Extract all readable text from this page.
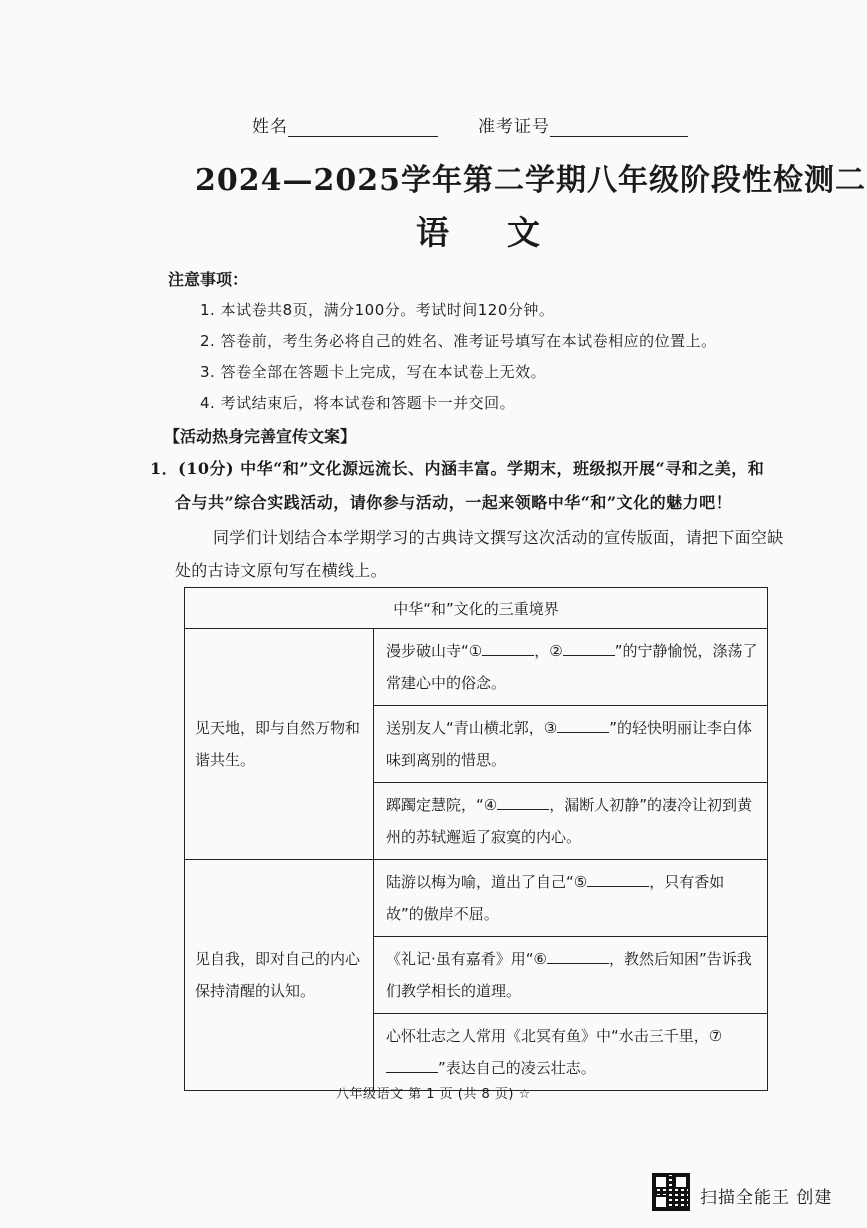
姓名	准考证号
2024—2025学年第二学期八年级阶段性检测二
语文
注意事项：
1. 本试卷共8页，满分100分。考试时间120分钟。
2. 答卷前，考生务必将自己的姓名、准考证号填写在本试卷相应的位置上。
3. 答卷全部在答题卡上完成，写在本试卷上无效。
4. 考试结束后，将本试卷和答题卡一并交回。
【活动热身完善宣传文案】
1．(10分) 中华“和”文化源远流长、内涵丰富。学期末，班级拟开展“寻和之美，和
合与共”综合实践活动，请你参与活动，一起来领略中华“和”文化的魅力吧！
同学们计划结合本学期学习的古典诗文撰写这次活动的宣传版面，请把下面空缺
处的古诗文原句写在横线上。
中华“和”文化的三重境界	
见天地，即与自然万物和谐共生。	漫步破山寺“① ，② ”的宁静愉悦，涤荡了常建心中的俗念。
	送别友人“青山横北郭，③ ”的轻快明丽让李白体味到离别的惜思。
	踯躅定慧院，“④ ，漏断人初静”的凄冷让初到黄州的苏轼邂逅了寂寞的内心。
见自我，即对自己的内心保持清醒的认知。	陆游以梅为喻，道出了自己“⑤ ，只有香如故”的傲岸不屈。
	《礼记·虽有嘉肴》用“⑥ ，教然后知困”告诉我们教学相长的道理。
	心怀壮志之人常用《北冥有鱼》中“水击三千里，⑦”表达自己的凌云壮志。
八年级语文 第 1 页 (共 8 页) ☆
扫描全能王 创建
